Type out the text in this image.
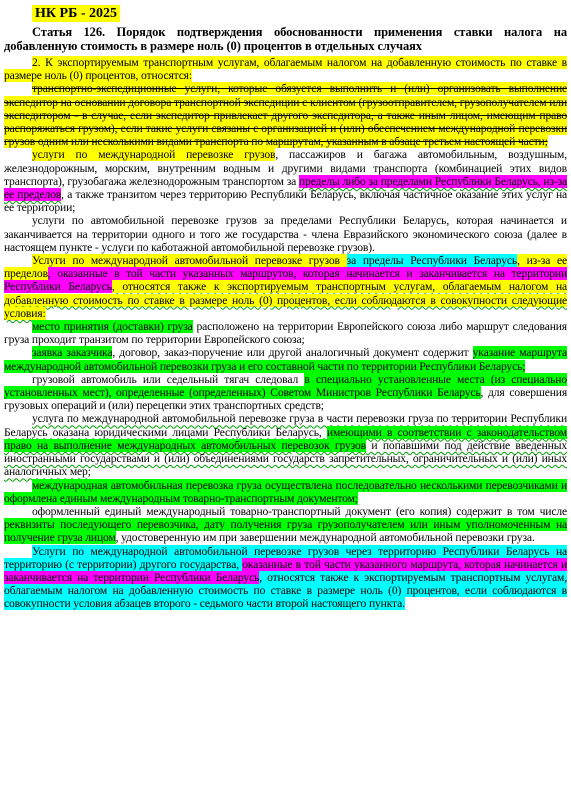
НК РБ - 2025

Статья 126. Порядок подтверждения обоснованности применения ставки налога на добавленную стоимость в размере ноль (0) процентов в отдельных случаях

2. К экспортируемым транспортным услугам, облагаемым налогом на добавленную стоимость по ставке в размере ноль (0) процентов, относятся:

транспортно-экспедиционные услуги, которые обязуется выполнить и (или) организовать выполнение экспедитор на основании договора транспортной экспедиции с клиентом (грузоотправителем, грузополучателем или экспедитором - в случае, если экспедитор привлекает другого экспедитора, а также иным лицом, имеющим право распоряжаться грузом), если такие услуги связаны с организацией и (или) обеспечением международной перевозки грузов одним или несколькими видами транспорта по маршрутам, указанным в абзаце третьем настоящей части;

услуги по международной перевозке грузов, пассажиров и багажа автомобильным, воздушным, железнодорожным, морским, внутренним водным и другими видами транспорта (комбинацией этих видов транспорта), грузобагажа железнодорожным транспортом за пределы либо за пределами Республики Беларусь, из-за ее пределов, а также транзитом через территорию Республики Беларусь, включая частичное оказание этих услуг на ее территории;

услуги по автомобильной перевозке грузов за пределами Республики Беларусь, которая начинается и заканчивается на территории одного и того же государства - члена Евразийского экономического союза (далее в настоящем пункте - услуги по каботажной автомобильной перевозке грузов).

Услуги по международной автомобильной перевозке грузов за пределы Республики Беларусь, из-за ее пределов, оказанные в той части указанных маршрутов, которая начинается и заканчивается на территории Республики Беларусь, относятся также к экспортируемым транспортным услугам, облагаемым налогом на добавленную стоимость по ставке в размере ноль (0) процентов, если соблюдаются в совокупности следующие условия:

место принятия (доставки) груза расположено на территории Европейского союза либо маршрут следования груза проходит транзитом по территории Европейского союза;

заявка заказчика, договор, заказ-поручение или другой аналогичный документ содержит указание маршрута международной автомобильной перевозки груза и его составной части по территории Республики Беларусь;

грузовой автомобиль или седельный тягач следовал в специально установленные места (из специально установленных мест), определенные (определенных) Советом Министров Республики Беларусь, для совершения грузовых операций и (или) перецепки этих транспортных средств;

услуга по международной автомобильной перевозке груза в части перевозки груза по территории Республики Беларусь оказана юридическими лицами Республики Беларусь, имеющими в соответствии с законодательством право на выполнение международных автомобильных перевозок грузов и попавшими под действие введенных иностранными государствами и (или) объединениями государств запретительных, ограничительных и (или) иных аналогичных мер;

международная автомобильная перевозка груза осуществлена последовательно несколькими перевозчиками и оформлена единым международным товарно-транспортным документом;

оформленный единый международный товарно-транспортный документ (его копия) содержит в том числе реквизиты последующего перевозчика, дату получения груза грузополучателем или иным уполномоченным на получение груза лицом, удостоверенную им при завершении международной автомобильной перевозки груза.

Услуги по международной автомобильной перевозке грузов через территорию Республики Беларусь на территорию (с территории) другого государства, оказанные в той части указанного маршрута, которая начинается и заканчивается на территории Республики Беларусь, относятся также к экспортируемым транспортным услугам, облагаемым налогом на добавленную стоимость по ставке в размере ноль (0) процентов, если соблюдаются в совокупности условия абзацев второго - седьмого части второй настоящего пункта.
